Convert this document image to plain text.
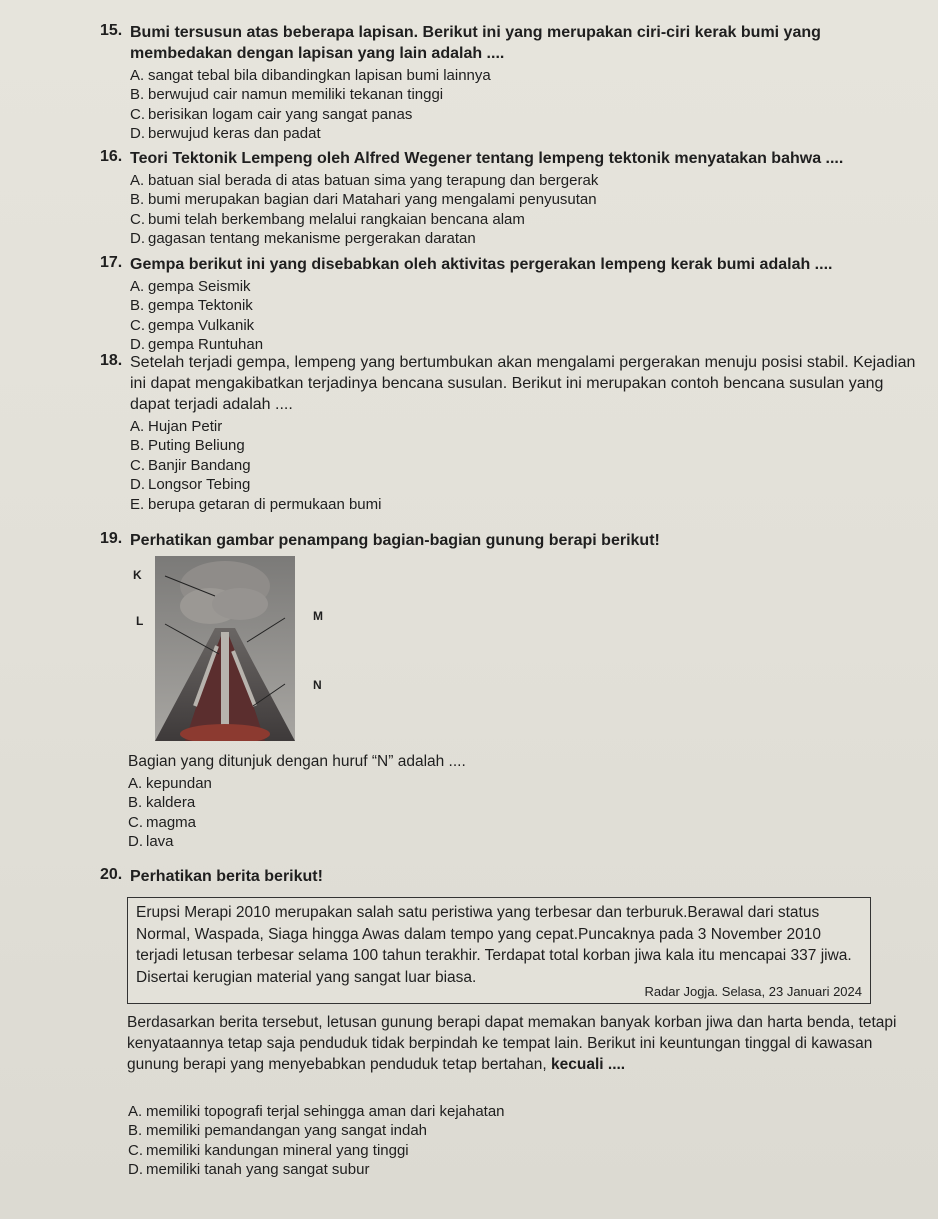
15. Bumi tersusun atas beberapa lapisan. Berikut ini yang merupakan ciri-ciri kerak bumi yang membedakan dengan lapisan yang lain adalah ....
A. sangat tebal bila dibandingkan lapisan bumi lainnya
B. berwujud cair namun memiliki tekanan tinggi
C. berisikan logam cair yang sangat panas
D. berwujud keras dan padat
16. Teori Tektonik Lempeng oleh Alfred Wegener tentang lempeng tektonik menyatakan bahwa ....
A. batuan sial berada di atas batuan sima yang terapung dan bergerak
B. bumi merupakan bagian dari Matahari yang mengalami penyusutan
C. bumi telah berkembang melalui rangkaian bencana alam
D. gagasan tentang mekanisme pergerakan daratan
17. Gempa berikut ini yang disebabkan oleh aktivitas pergerakan lempeng kerak bumi adalah ....
A. gempa Seismik
B. gempa Tektonik
C. gempa Vulkanik
D. gempa Runtuhan
18. Setelah terjadi gempa, lempeng yang bertumbukan akan mengalami pergerakan menuju posisi stabil. Kejadian ini dapat mengakibatkan terjadinya bencana susulan. Berikut ini merupakan contoh bencana susulan yang dapat terjadi adalah ....
A. Hujan Petir
B. Puting Beliung
C. Banjir Bandang
D. Longsor Tebing
E. berupa getaran di permukaan bumi
19. Perhatikan gambar penampang bagian-bagian gunung berapi berikut!
K
L	M
N
Bagian yang ditunjuk dengan huruf “N” adalah ....
A. kepundan
B. kaldera
C. magma
D. lava
20. Perhatikan berita berikut!
Erupsi Merapi 2010 merupakan salah satu peristiwa yang terbesar dan terburuk.Berawal dari status Normal, Waspada, Siaga hingga Awas dalam tempo yang cepat.Puncaknya pada 3 November 2010 terjadi letusan terbesar selama 100 tahun terakhir. Terdapat total korban jiwa kala itu mencapai 337 jiwa. Disertai kerugian material yang sangat luar biasa.
Radar Jogja. Selasa, 23 Januari 2024
Berdasarkan berita tersebut, letusan gunung berapi dapat memakan banyak korban jiwa dan harta benda, tetapi kenyataannya tetap saja penduduk tidak berpindah ke tempat lain. Berikut ini keuntungan tinggal di kawasan gunung berapi yang menyebabkan penduduk tetap bertahan, kecuali ....
A. memiliki topografi terjal sehingga aman dari kejahatan
B. memiliki pemandangan yang sangat indah
C. memiliki kandungan mineral yang tinggi
D. memiliki tanah yang sangat subur
